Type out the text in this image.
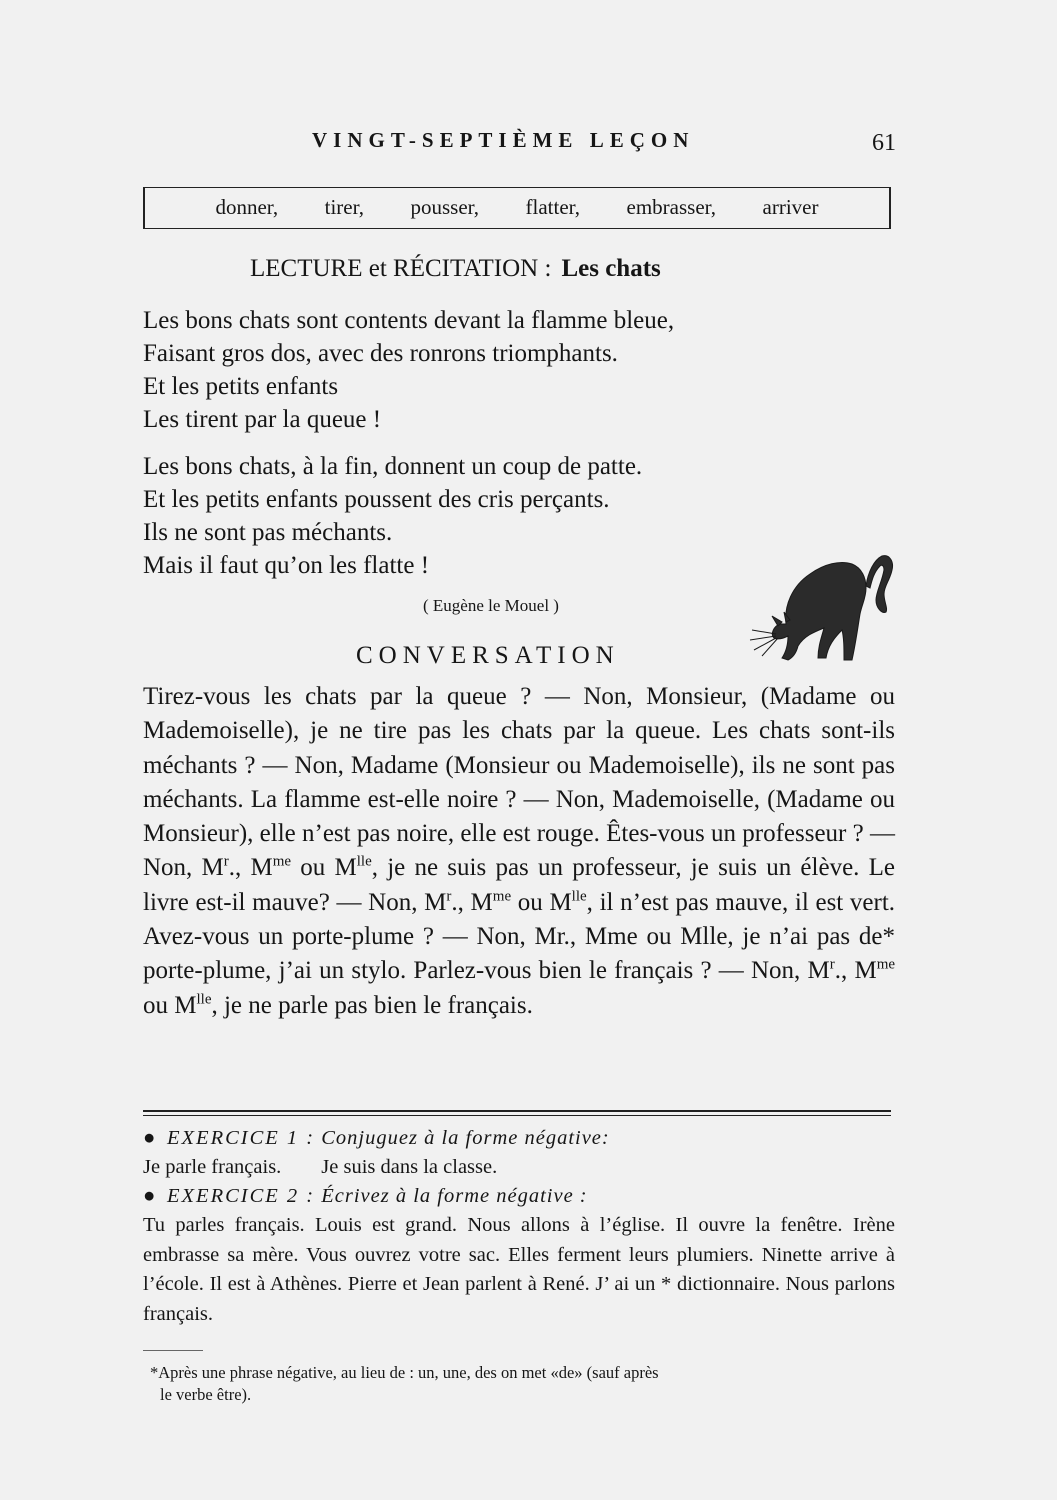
VINGT-SEPTIÈME LEÇON	61
donner, tirer, pousser, flatter, embrasser, arriver
LECTURE et RÉCITATION : Les chats
Les bons chats sont contents devant la flamme bleue,
Faisant gros dos, avec des ronrons triomphants.
Et les petits enfants
Les tirent par la queue !
Les bons chats, à la fin, donnent un coup de patte.
Et les petits enfants poussent des cris perçants.
Ils ne sont pas méchants.
Mais il faut qu’on les flatte !
( Eugène le Mouel )
CONVERSATION
Tirez-vous les chats par la queue ? — Non, Monsieur, (Madame ou Mademoiselle), je ne tire pas les chats par la queue. Les chats sont-ils méchants ? — Non, Madame (Monsieur ou Mademoiselle), ils ne sont pas méchants. La flamme est-elle noire ? — Non, Mademoiselle, (Madame ou Monsieur), elle n’est pas noire, elle est rouge. Êtes-vous un professeur ? — Non, $M^r$., $M^{me}$ ou $M^{lle}$, je ne suis pas un professeur, je suis un élève. Le livre est-il mauve? — Non, $M^r$., $M^{me}$ ou $M^{lle}$, il n’est pas mauve, il est vert. Avez-vous un porte-plume ? — Non, Mr., Mme ou Mlle, je n’ai pas de* porte-plume, j’ai un stylo. Parlez-vous bien le français ? — Non, $M^r$., $M^{me}$ ou $M^{lle}$, je ne parle pas bien le français.
● EXERCICE 1 : Conjuguez à la forme négative:
Je parle français. Je suis dans la classe.
● EXERCICE 2 : Écrivez à la forme négative :
Tu parles français. Louis est grand. Nous allons à l’église. Il ouvre la fenêtre. Irène embrasse sa mère. Vous ouvrez votre sac. Elles ferment leurs plumiers. Ninette arrive à l’école. Il est à Athènes. Pierre et Jean parlent à René. J’ ai un * dictionnaire. Nous parlons français.
*Après une phrase négative, au lieu de : un, une, des on met «de» (sauf après
le verbe être).
